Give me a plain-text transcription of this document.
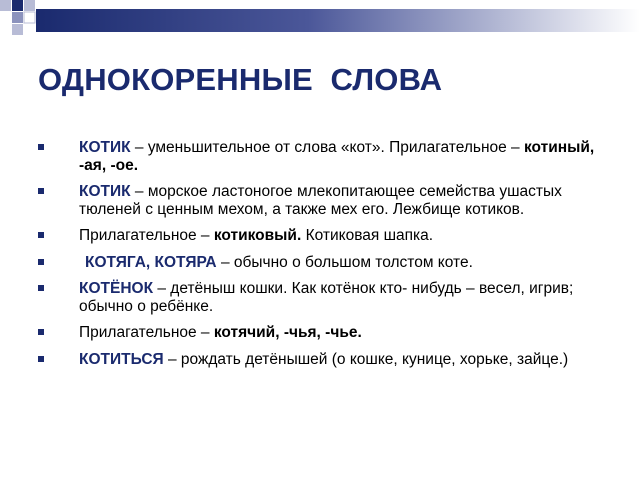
ОДНОКОРЕННЫЕ  СЛОВА
КОТИК – уменьшительное от слова «кот». Прилагательное – котиный, -ая, -ое.
КОТИК – морское ластоногое млекопитающее семейства ушастых тюленей с ценным мехом, а также мех его. Лежбище котиков.
Прилагательное – котиковый. Котиковая шапка.
КОТЯГА, КОТЯРА – обычно о большом толстом коте.
КОТЁНОК – детёныш кошки. Как котёнок кто- нибудь – весел, игрив; обычно о ребёнке.
Прилагательное – котячий, -чья, -чье.
КОТИТЬСЯ – рождать детёнышей (о кошке, кунице, хорьке, зайце.)
